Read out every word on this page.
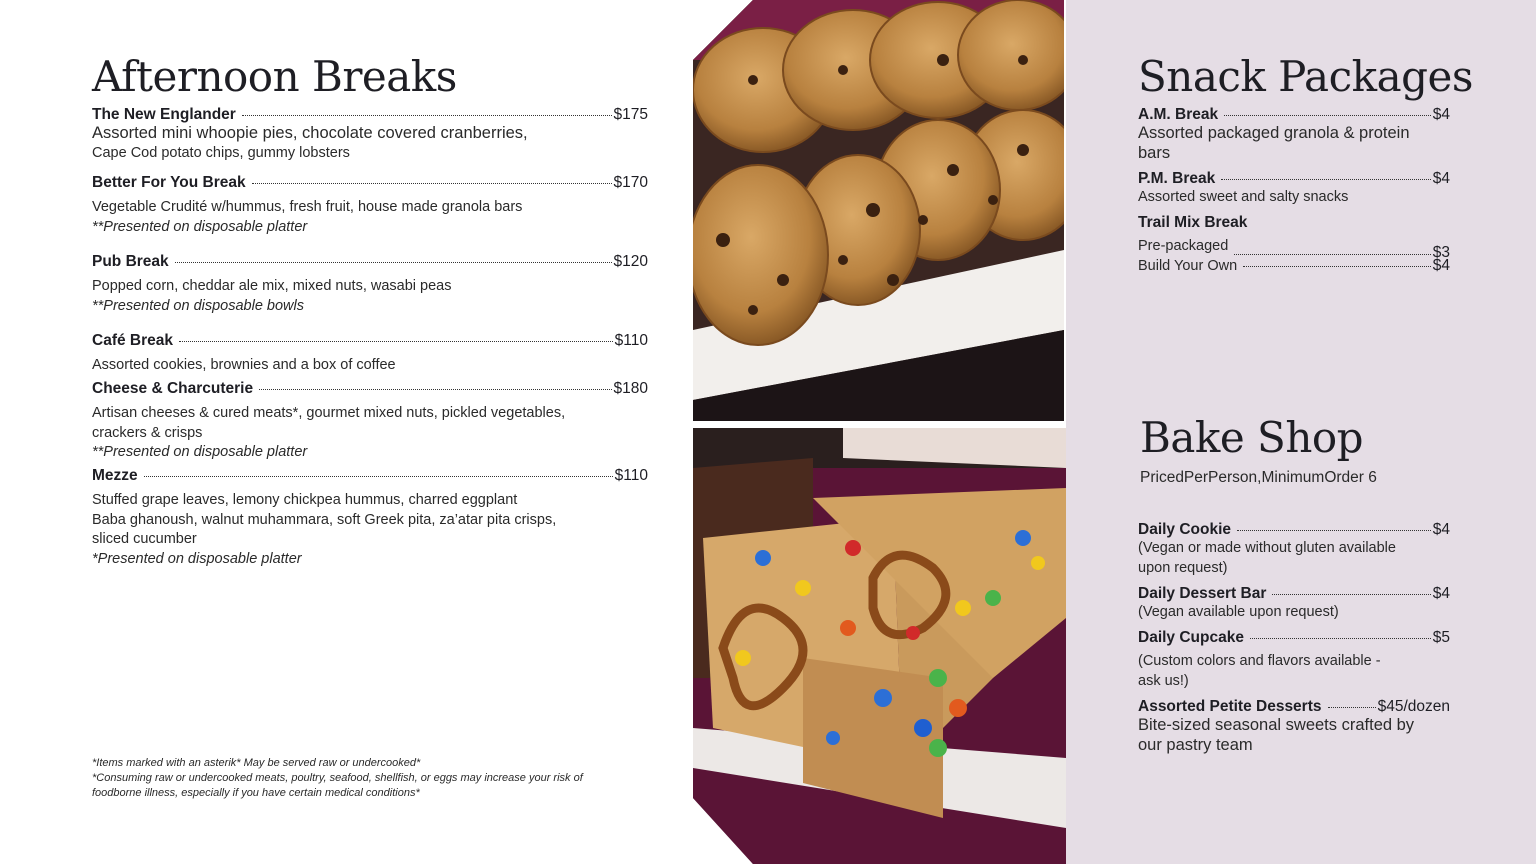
Afternoon Breaks
The New Englander	$175
Assorted mini whoopie pies, chocolate covered cranberries,
Cape Cod potato chips, gummy lobsters
Better For You Break	$170
Vegetable Crudité w/hummus, fresh fruit, house made granola bars
**Presented on disposable platter
Pub Break	$120
Popped corn, cheddar ale mix, mixed nuts, wasabi peas
**Presented on disposable bowls
Café Break	$110
Assorted cookies, brownies and a box of coffee
Cheese & Charcuterie	$180
Artisan cheeses & cured meats*, gourmet mixed nuts, pickled vegetables,
crackers & crisps
**Presented on disposable platter
Mezze	$110
Stuffed grape leaves, lemony chickpea hummus, charred eggplant
Baba ghanoush, walnut muhammara, soft Greek pita, za’atar pita crisps,
sliced cucumber
*Presented on disposable platter
*Items marked with an asterik* May be served raw or undercooked*
*Consuming raw or undercooked meats, poultry, seafood, shellfish, or eggs may increase your risk of
foodborne illness, especially if you have certain medical conditions*
Snack Packages
A.M. Break	$4
Assorted packaged granola & protein
bars
P.M. Break	$4
Assorted sweet and salty snacks
Trail Mix Break
Pre-packaged	$3
Build Your Own	$4
Bake Shop
PricedPerPerson,MinimumOrder 6
Daily Cookie	$4
(Vegan or made without gluten available
upon request)
Daily Dessert Bar	$4
(Vegan available upon request)
Daily Cupcake	$5
(Custom colors and flavors available -
ask us!)
Assorted Petite Desserts	$45/dozen
Bite-sized seasonal sweets crafted by
our pastry team
